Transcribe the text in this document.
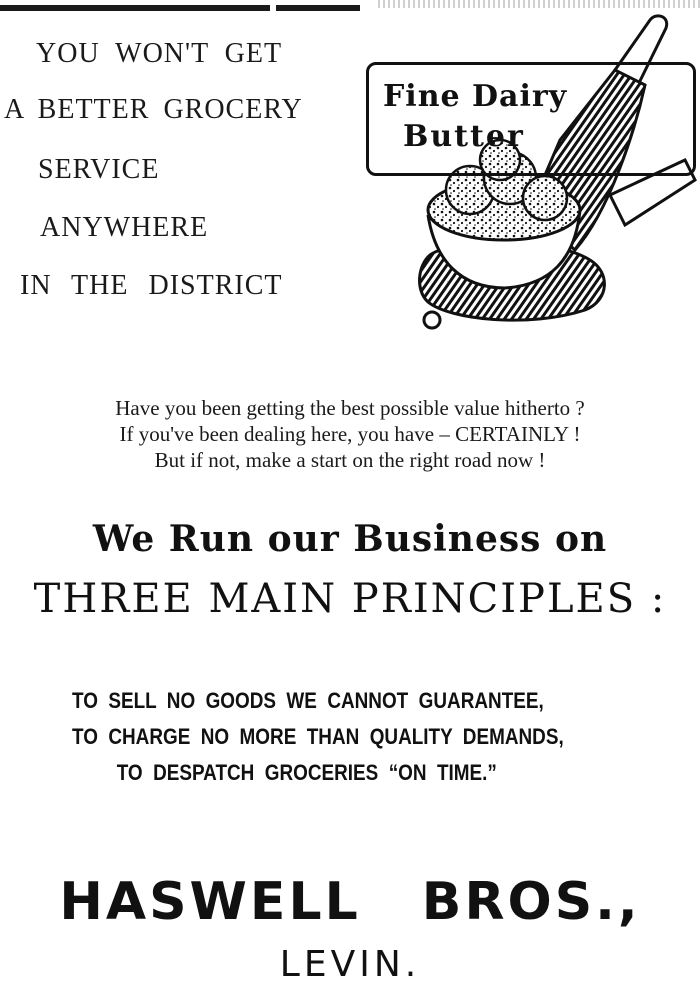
YOU WON'T GET
A BETTER GROCERY
SERVICE
ANYWHERE
IN THE DISTRICT
Fine Dairy
Butter
Have you been getting the best possible value hitherto ?
If you've been dealing here, you have – CERTAINLY !
But if not, make a start on the right road now !
We Run our Business on
THREE MAIN PRINCIPLES :
TO SELL NO GOODS WE CANNOT GUARANTEE,
TO CHARGE NO MORE THAN QUALITY DEMANDS,
TO DESPATCH GROCERIES “ON TIME.”
HASWELL BROS.,
LEVIN.
